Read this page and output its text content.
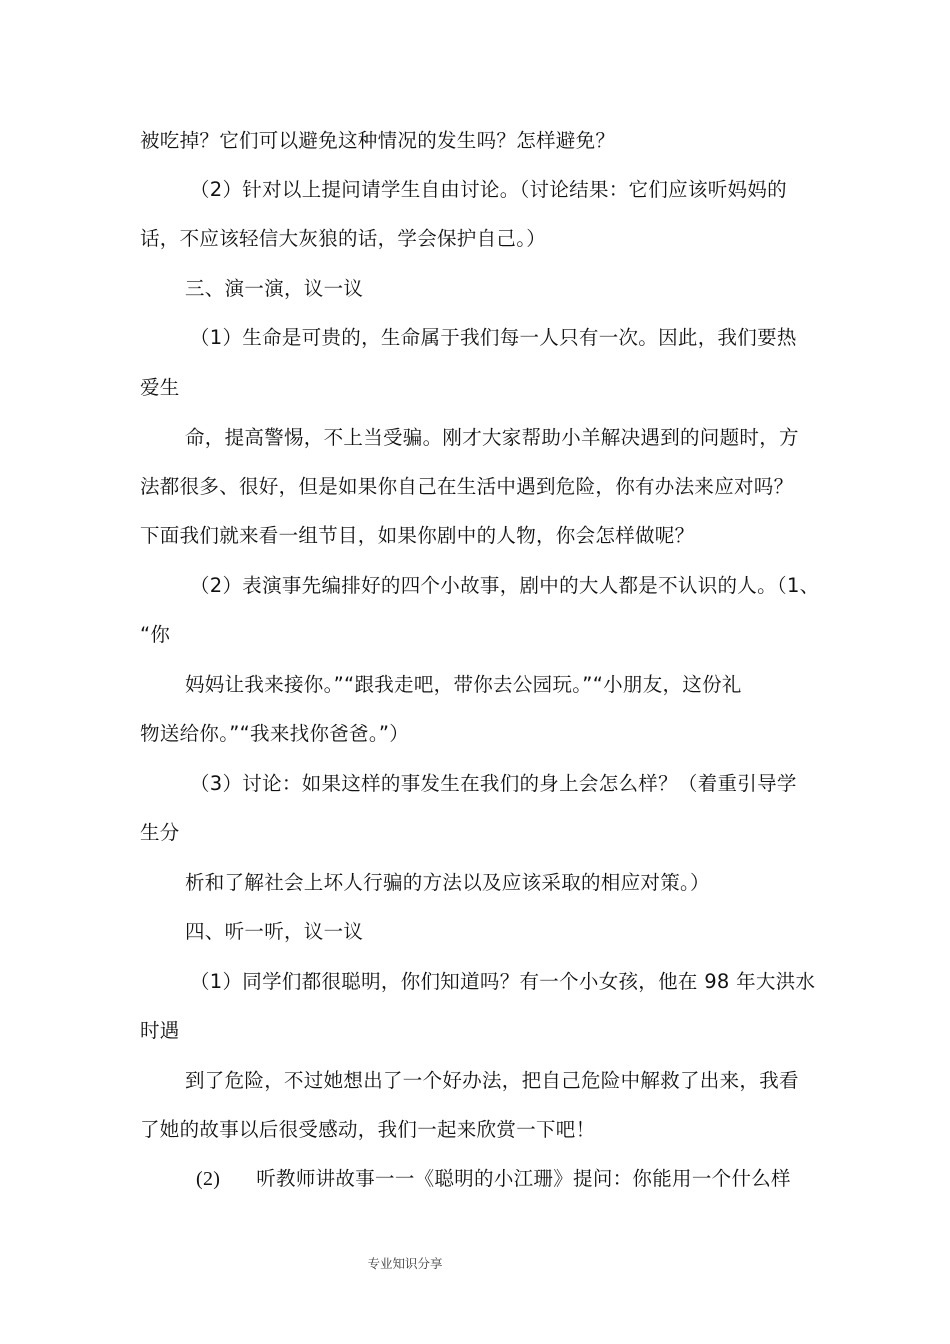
被吃掉？它们可以避免这种情况的发生吗？怎样避免？
（2）针对以上提问请学生自由讨论。（讨论结果：它们应该听妈妈的
话，不应该轻信大灰狼的话，学会保护自己。）
三、演一演，议一议
（1）生命是可贵的，生命属于我们每一人只有一次。因此，我们要热
爱生
命，提高警惕，不上当受骗。刚才大家帮助小羊解决遇到的问题时，方
法都很多、很好，但是如果你自己在生活中遇到危险，你有办法来应对吗？
下面我们就来看一组节目，如果你剧中的人物，你会怎样做呢？
（2）表演事先编排好的四个小故事，剧中的大人都是不认识的人。（1、
“你
妈妈让我来接你。”“跟我走吧，带你去公园玩。”“小朋友，这份礼
物送给你。”“我来找你爸爸。”）
（3）讨论：如果这样的事发生在我们的身上会怎么样？（着重引导学
生分
析和了解社会上坏人行骗的方法以及应该采取的相应对策。）
四、听一听，议一议
（1）同学们都很聪明，你们知道吗？有一个小女孩，他在 98 年大洪水
时遇
到了危险，不过她想出了一个好办法，把自己危险中解救了出来，我看
了她的故事以后很受感动，我们一起来欣赏一下吧！
(2) 听教师讲故事一一《聪明的小江珊》提问：你能用一个什么样
专业知识分享
